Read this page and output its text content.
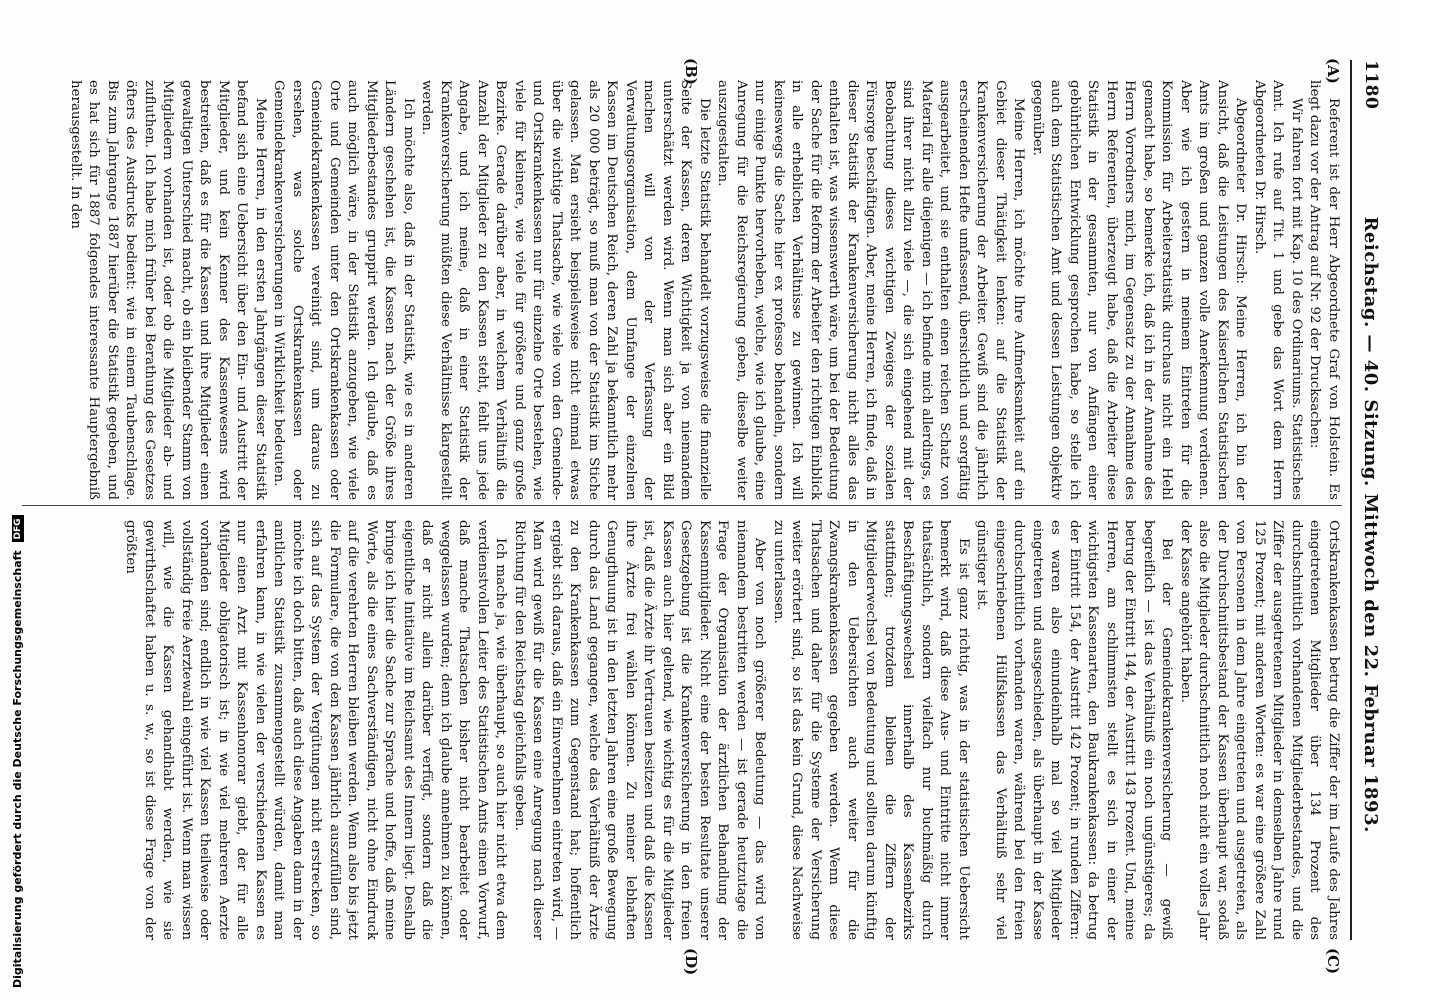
1180
Reichstag. — 40. Sitzung. Mittwoch den 22. Februar 1893.
(A)
(B)
(C)
(D)

Referent ist der Herr Abgeordnete Graf von Holstein. Es liegt dazu vor der Antrag auf Nr. 92 der Drucksachen:

Wir fahren fort mit Kap. 10 des Ordinariums. Statistisches Amt. Ich rufe auf Tit. 1 und gebe das Wort dem Herrn Abgeordneten Dr. Hirsch.

Abgeordneter Dr. Hirsch: Meine Herren, ich bin der Ansicht, daß die Leistungen des Kaiserlichen Statistischen Amts im großen und ganzen volle Anerkennung verdienen. Aber wie ich gestern in meinem Eintreten für die Kommission für Arbeiterstatistik durchaus nicht ein Hehl gemacht habe, so bemerke ich, daß ich in der Annahme des Herrn Vorredners mich, im Gegensatz zu der Annahme des Herrn Referenten, überzeugt habe, daß die Arbeiter diese Statistik in der gesammten, nur von Anfängen einer gebührlichen Entwicklung gesprochen habe, so stelle ich auch dem Statistischen Amt und dessen Leistungen objektiv gegenüber.

Meine Herren, ich möchte Ihre Aufmerksamkeit auf ein Gebiet dieser Thätigkeit lenken: auf die Statistik der Krankenversicherung der Arbeiter. Gewiß sind die jährlich erscheinenden Hefte umfassend, übersichtlich und sorgfältig ausgearbeitet, und sie enthalten einen reichen Schatz von Material für alle diejenigen — ich befinde mich allerdings, es sind ihrer nicht allzu viele —, die sich eingehend mit der Beobachtung dieses wichtigen Zweiges der sozialen Fürsorge beschäftigen. Aber, meine Herren, ich finde, daß in dieser Statistik der Krankenversicherung nicht alles das enthalten ist, was wissenswerth wäre, um bei der Bedeutung der Sache für die Reform der Arbeiter den richtigen Einblick in alle erheblichen Verhältnisse zu gewinnen. Ich will keineswegs die Sache hier ex professo behandeln, sondern nur einige Punkte hervorheben, welche, wie ich glaube, eine Anregung für die Reichsregierung geben, dieselbe weiter auszugestalten.

Die letzte Statistik behandelt vorzugsweise die finanzielle Seite der Kassen, deren Wichtigkeit ja von niemandem unterschätzt werden wird. Wenn man sich aber ein Bild machen will von der Verfassung der Verwaltungsorganisation, dem Umfange der einzelnen Kassen im Deutschen Reich, deren Zahl ja bekanntlich mehr als 20 000 beträgt, so muß man von der Statistik im Stiche gelassen. Man ersieht beispielsweise nicht einmal etwas über die wichtige Thatsache, wie viele von den Gemeinde- und Ortskrankenkassen nur für einzelne Orte bestehen, wie viele für kleinere, wie viele für größere und ganz große Bezirke. Gerade darüber aber, in welchem Verhältniß die Anzahl der Mitglieder zu den Kassen steht, fehlt uns jede Angabe, und ich meine, daß in einer Statistik der Krankenversicherung müßten diese Verhältnisse klargestellt werden.

Ich möchte also, daß in der Statistik, wie es in anderen Ländern geschehen ist, die Kassen nach der Größe ihres Mitgliederbestandes gruppirt werden. Ich glaube, daß es auch möglich wäre, in der Statistik anzugeben, wie viele Orte und Gemeinden unter den Ortskrankenkassen oder Gemeindekrankenkassen vereinigt sind, um daraus zu ersehen, was solche Ortskrankenkassen oder Gemeindekrankenversicherungen in Wirklichkeit bedeuten.

Meine Herren, in den ersten Jahrgängen dieser Statistik befand sich eine Uebersicht über den Ein- und Austritt der Mitglieder, und kein Kenner des Kassenwesens wird bestreiten, daß es für die Kassen und ihre Mitglieder einen gewaltigen Unterschied macht, ob ein bleibender Stamm von Mitgliedern vorhanden ist, oder ob die Mitglieder ab- und zufluthen. Ich habe mich früher bei Berathung des Gesetzes öfters des Ausdrucks bedient: wie in einem Taubenschlage. Bis zum Jahrgange 1887 hierüber die Statistik gegeben, und es hat sich für 1887 folgendes interessante Hauptergebniß herausgestellt. In den

Ortskrankenkassen betrug die Ziffer der im Laufe des Jahres eingetretenen Mitglieder über 134 Prozent des durchschnittlich vorhandenen Mitgliederbestandes, und die Ziffer der ausgetretenen Mitglieder in demselben Jahre rund 125 Prozent; mit anderen Worten: es war eine größere Zahl von Personen in dem Jahre eingetreten und ausgetreten, als der Durchschnittsbestand der Kassen überhaupt war, sodaß also die Mitglieder durchschnittlich noch nicht ein volles Jahr der Kasse angehört haben.

Bei der Gemeindekrankenversicherung — gewiß begreiflich — ist das Verhältniß ein noch ungünstigeres; da betrug der Eintritt 144, der Austritt 143 Prozent. Und, meine Herren, am schlimmsten stellt es sich in einer der wichtigsten Kassenarten, den Baukrankenkassen: da betrug der Eintritt 154, der Austritt 142 Prozent; in runden Ziffern: es waren also einundeinhalb mal so viel Mitglieder eingetreten und ausgeschieden, als überhaupt in der Kasse durchschnittlich vorhanden waren, während bei den freien eingeschriebenen Hülfskassen das Verhältniß sehr viel günstiger ist.

Es ist ganz richtig, was in der statistischen Uebersicht bemerkt wird, daß diese Aus- und Eintritte nicht immer thatsächlich, sondern vielfach nur buchmäßig durch Beschäftigungswechsel innerhalb des Kassenbezirks stattfinden; trotzdem bleiben die Ziffern der Mitgliederwechsel von Bedeutung und sollten darum künftig in den Uebersichten auch weiter für die Zwangskrankenkassen gegeben werden. Wenn diese Thatsachen und daher für die Systeme der Versicherung weiter erörtert sind, so ist das kein Grund, diese Nachweise zu unterlassen.

Aber von noch größerer Bedeutung — das wird von niemandem bestritten werden — ist gerade heutzutage die Frage der Organisation der ärztlichen Behandlung der Kassenmitglieder. Nicht eine der besten Resultate unserer Gesetzgebung ist die Krankenversicherung in den freien Kassen auch hier geltend, wie wichtig es für die Mitglieder ist, daß die Ärzte ihr Vertrauen besitzen und daß die Kassen ihre Ärzte frei wählen können. Zu meiner lebhaften Genugthuung ist in den letzten Jahren eine große Bewegung durch das Land gegangen, welche das Verhältniß der Ärzte zu den Krankenkassen zum Gegenstand hat; hoffentlich ergiebt sich daraus, daß ein Einvernehmen eintreten wird, — Man wird gewiß für die Kassen eine Anregung nach dieser Richtung für den Reichstag gleichfalls geben.

Ich mache ja, wie überhaupt, so auch hier nicht etwa dem verdienstvollen Leiter des Statistischen Amts einen Vorwurf, daß manche Thatsachen bisher nicht bearbeitet oder weggelassen wurden; denn ich glaube annehmen zu können, daß er nicht allein darüber verfügt, sondern daß die eigentliche Initiative im Reichsamt des Innern liegt. Deshalb bringe ich hier die Sache zur Sprache und hoffe, daß meine Worte, als die eines Sachverständigen, nicht ohne Eindruck auf die verehrten Herren bleiben werden. Wenn also bis jetzt die Formulare, die von den Kassen jährlich auszufüllen sind, sich auf das System der Vergütungen nicht erstrecken, so möchte ich doch bitten, daß auch diese Angaben dann in der amtlichen Statistik zusammengestellt würden, damit man erfahren kann, in wie vielen der verschiedenen Kassen es nur einen Arzt mit Kassenhonorar giebt, der für alle Mitglieder obligatorisch ist; in wie viel mehreren Aerzte vorhanden sind; endlich in wie viel Kassen theilweise oder vollständig freie Aerztewahl eingeführt ist. Wenn man wissen will, wie die Kassen gehandhabt werden, wie sie gewirthschaftet haben u. s. w., so ist diese Frage von der größten

Digitalisierung gefördert durch die Deutsche Forschungsgemeinschaft DFG
